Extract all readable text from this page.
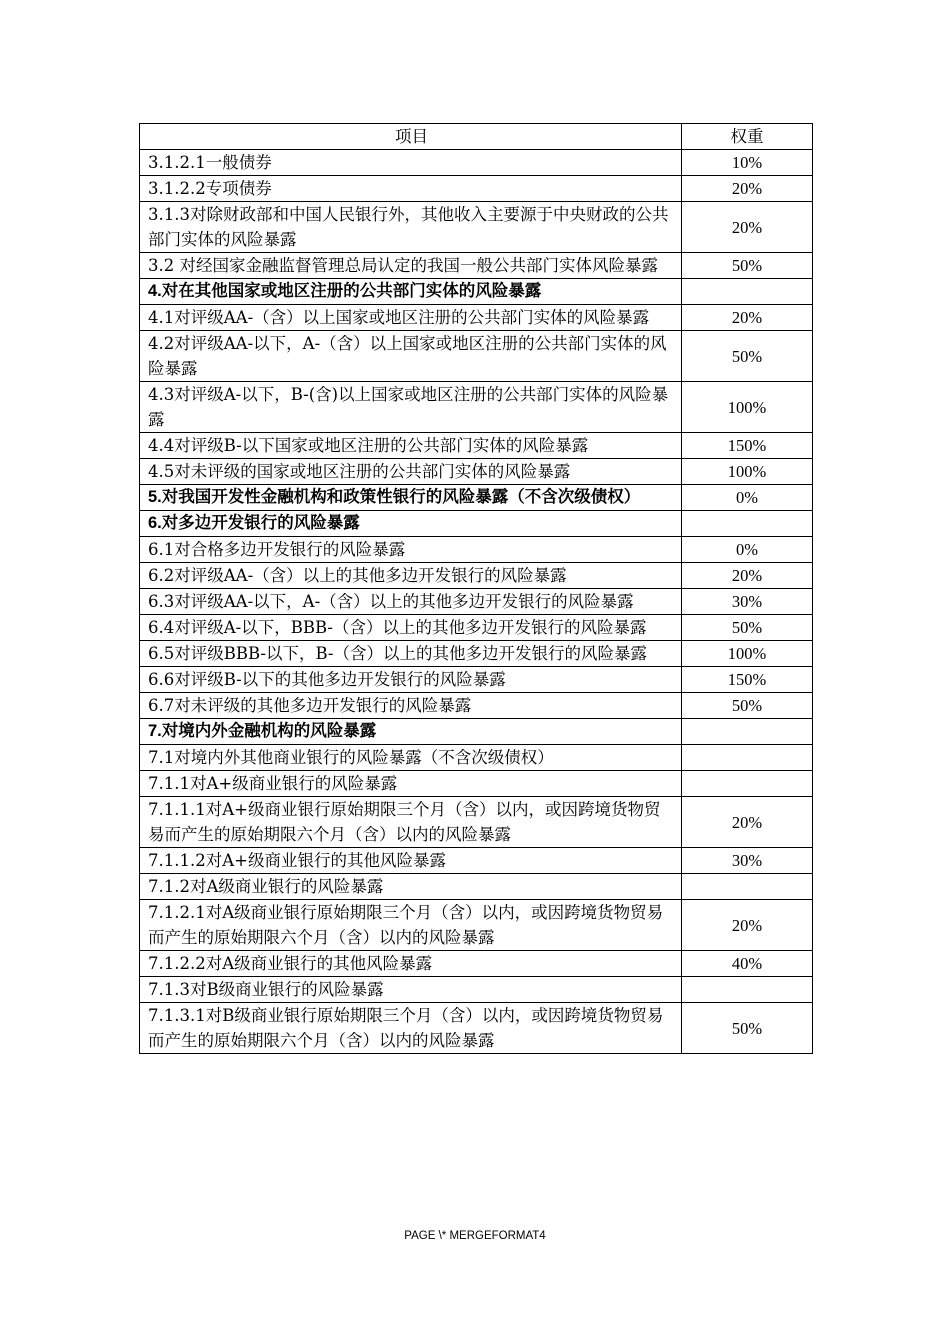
项目	权重
3.1.2.1一般债券	10%
3.1.2.2专项债券	20%
3.1.3对除财政部和中国人民银行外，其他收入主要源于中央财政的公共部门实体的风险暴露	20%
3.2 对经国家金融监督管理总局认定的我国一般公共部门实体风险暴露	50%
4.对在其他国家或地区注册的公共部门实体的风险暴露	
4.1对评级AA-（含）以上国家或地区注册的公共部门实体的风险暴露	20%
4.2对评级AA-以下，A-（含）以上国家或地区注册的公共部门实体的风险暴露	50%
4.3对评级A-以下，B-(含)以上国家或地区注册的公共部门实体的风险暴露	100%
4.4对评级B-以下国家或地区注册的公共部门实体的风险暴露	150%
4.5对未评级的国家或地区注册的公共部门实体的风险暴露	100%
5.对我国开发性金融机构和政策性银行的风险暴露（不含次级债权）	0%
6.对多边开发银行的风险暴露	
6.1对合格多边开发银行的风险暴露	0%
6.2对评级AA-（含）以上的其他多边开发银行的风险暴露	20%
6.3对评级AA-以下，A-（含）以上的其他多边开发银行的风险暴露	30%
6.4对评级A-以下，BBB-（含）以上的其他多边开发银行的风险暴露	50%
6.5对评级BBB-以下，B-（含）以上的其他多边开发银行的风险暴露	100%
6.6对评级B-以下的其他多边开发银行的风险暴露	150%
6.7对未评级的其他多边开发银行的风险暴露	50%
7.对境内外金融机构的风险暴露	
7.1对境内外其他商业银行的风险暴露（不含次级债权）	
7.1.1对A+级商业银行的风险暴露	
7.1.1.1对A+级商业银行原始期限三个月（含）以内，或因跨境货物贸易而产生的原始期限六个月（含）以内的风险暴露	20%
7.1.1.2对A+级商业银行的其他风险暴露	30%
7.1.2对A级商业银行的风险暴露	
7.1.2.1对A级商业银行原始期限三个月（含）以内，或因跨境货物贸易而产生的原始期限六个月（含）以内的风险暴露	20%
7.1.2.2对A级商业银行的其他风险暴露	40%
7.1.3对B级商业银行的风险暴露	
7.1.3.1对B级商业银行原始期限三个月（含）以内，或因跨境货物贸易而产生的原始期限六个月（含）以内的风险暴露	50%
PAGE \* MERGEFORMAT4
